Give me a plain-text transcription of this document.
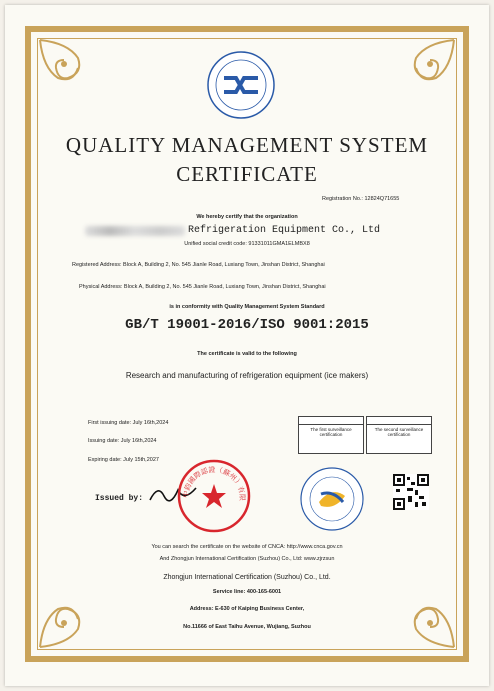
QUALITY MANAGEMENT SYSTEM
CERTIFICATE
Registration No.: 12824Q71655
We hereby certify that the organization
Refrigeration Equipment Co., Ltd
Unified social credit code: 91331011GMA1ELMBX8
Registered Address: Block A, Building 2, No. 545 Jianle Road, Luxiang Town, Jinshan District, Shanghai
Physical Address: Block A, Building 2, No. 545 Jianle Road, Luxiang Town, Jinshan District, Shanghai
is in conformity with Quality Management System Standard
GB/T 19001-2016/ISO 9001:2015
The certificate is valid to the following
Research and manufacturing of refrigeration equipment (ice makers)
First issuing date: July 16th,2024
Issuing date: July 16th,2024
Expiring date: July 15th,2027
The first surveillance certification
The second surveillance certification
Issued by:	中鈞國際認證（蘇州）有限
You can search the certificate on the website of CNCA: http://www.cnca.gov.cn
And Zhongjun International Certification (Suzhou) Co., Ltd: www.zjrzsun
Zhongjun International Certification (Suzhou) Co., Ltd.
Service line: 400-165-6001
Address: E-630 of Kaiping Business Center,
No.11666 of East Taihu Avenue, Wujiang, Suzhou
